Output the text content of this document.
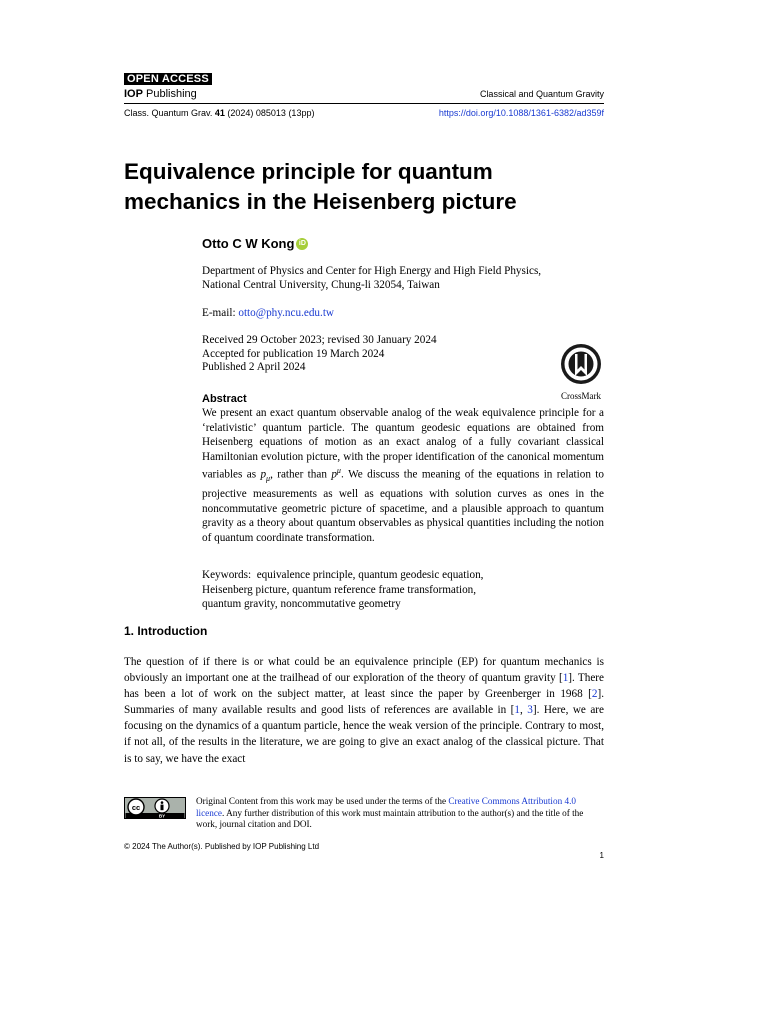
OPEN ACCESS
IOP Publishing	Classical and Quantum Gravity
Class. Quantum Grav. 41 (2024) 085013 (13pp)	https://doi.org/10.1088/1361-6382/ad359f
Equivalence principle for quantum
mechanics in the Heisenberg picture
Otto C W Kong iD
Department of Physics and Center for High Energy and High Field Physics,
National Central University, Chung-li 32054, Taiwan
E-mail: otto@phy.ncu.edu.tw
Received 29 October 2023; revised 30 January 2024
Accepted for publication 19 March 2024
Published 2 April 2024
CrossMark
Abstract
We present an exact quantum observable analog of the weak equivalence principle for a ‘relativistic’ quantum particle. The quantum geodesic equations are obtained from Heisenberg equations of motion as an exact analog of a fully covariant classical Hamiltonian evolution picture, with the proper identification of the canonical momentum variables as $p_\mu$, rather than $p^\mu$. We discuss the meaning of the equations in relation to projective measurements as well as equations with solution curves as ones in the noncommutative geometric picture of spacetime, and a plausible approach to quantum gravity as a theory about quantum observables as physical quantities including the notion of quantum coordinate transformation.
Keywords: equivalence principle, quantum geodesic equation,
Heisenberg picture, quantum reference frame transformation,
quantum gravity, noncommutative geometry
1. Introduction
The question of if there is or what could be an equivalence principle (EP) for quantum mechanics is obviously an important one at the trailhead of our exploration of the theory of quantum gravity [1]. There has been a lot of work on the subject matter, at least since the paper by Greenberger in 1968 [2]. Summaries of many available results and good lists of references are available in [1, 3]. Here, we are focusing on the dynamics of a quantum particle, hence the weak version of the principle. Contrary to most, if not all, of the results in the literature, we are going to give an exact analog of the classical picture. That is to say, we have the exact
cc
BY
Original Content from this work may be used under the terms of the Creative Commons Attribution 4.0 licence. Any further distribution of this work must maintain attribution to the author(s) and the title of the work, journal citation and DOI.
© 2024 The Author(s). Published by IOP Publishing Ltd
1
